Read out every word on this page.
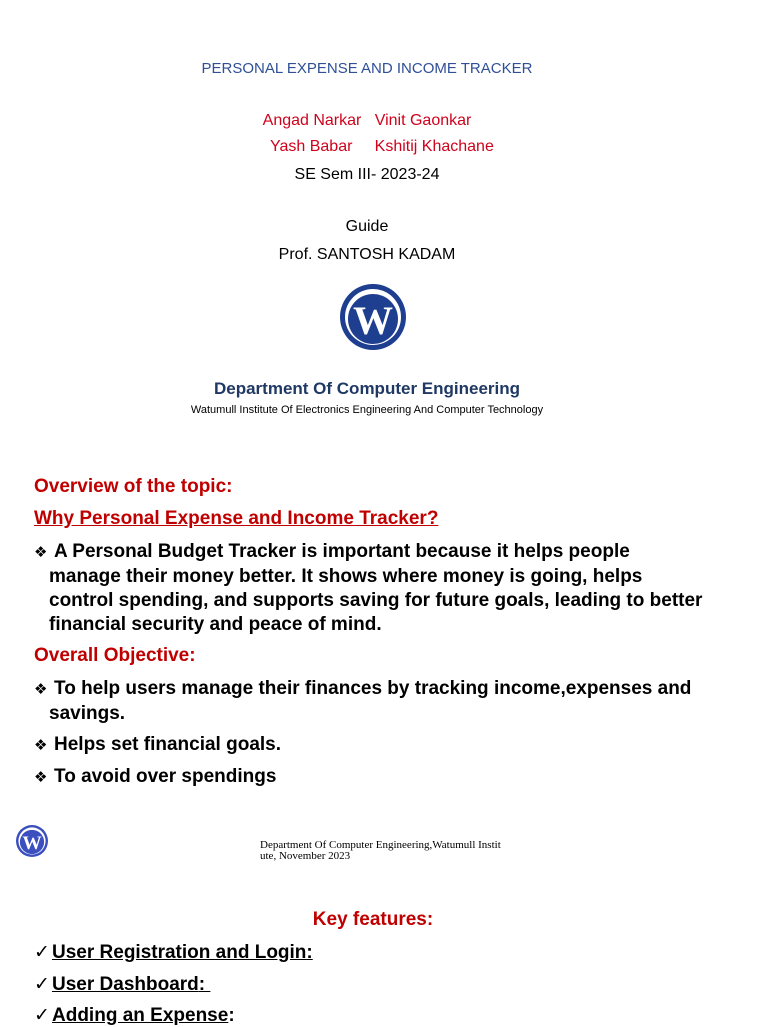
PERSONAL EXPENSE AND INCOME TRACKER
Angad Narkar   Vinit Gaonkar
Yash Babar     Kshitij Khachane
SE Sem III- 2023-24
Guide
Prof. SANTOSH KADAM
W
Department Of Computer Engineering
Watumull Institute Of Electronics Engineering And Computer Technology
Overview of the topic:
Why Personal Expense and Income Tracker?
❖ A Personal Budget Tracker is important because it helps people
manage their money better. It shows where money is going, helps
control spending, and supports saving for future goals, leading to better
financial security and peace of mind.
Overall Objective:
❖ To help users manage their finances by tracking income,expenses and
savings.
❖ Helps set financial goals.
❖ To avoid over spendings
W	Department Of Computer Engineering,Watumull Instit
ute, November 2023
Key features:
✓ User Registration and Login:
✓ User Dashboard:
✓ Adding an Expense:
